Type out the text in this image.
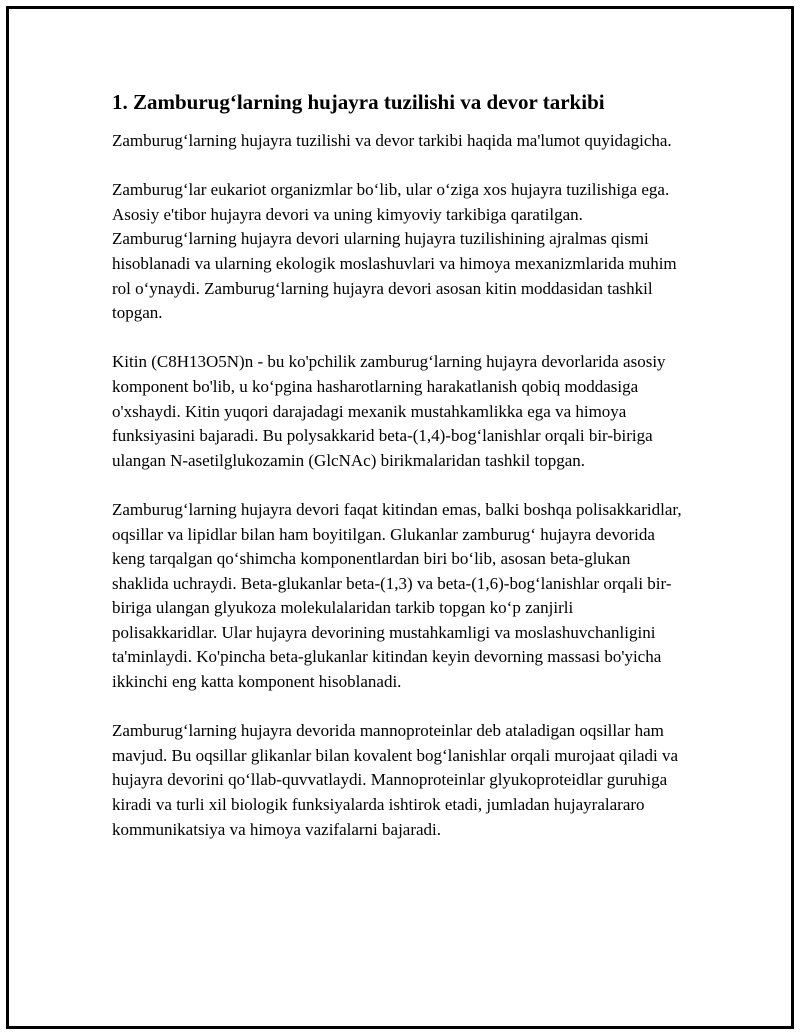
1. Zamburug‘larning hujayra tuzilishi va devor tarkibi

Zamburug‘larning hujayra tuzilishi va devor tarkibi haqida ma'lumot quyidagicha.

Zamburug‘lar eukariot organizmlar bo‘lib, ular o‘ziga xos hujayra tuzilishiga ega. Asosiy e'tibor hujayra devori va uning kimyoviy tarkibiga qaratilgan. Zamburug‘larning hujayra devori ularning hujayra tuzilishining ajralmas qismi hisoblanadi va ularning ekologik moslashuvlari va himoya mexanizmlarida muhim rol o‘ynaydi. Zamburug‘larning hujayra devori asosan kitin moddasidan tashkil topgan.

Kitin (C8H13O5N)n - bu ko'pchilik zamburug‘larning hujayra devorlarida asosiy komponent bo'lib, u ko‘pgina hasharotlarning harakatlanish qobiq moddasiga o'xshaydi. Kitin yuqori darajadagi mexanik mustahkamlikka ega va himoya funksiyasini bajaradi. Bu polysakkarid beta-(1,4)-bog‘lanishlar orqali bir-biriga ulangan N-asetilglukozamin (GlcNAc) birikmalaridan tashkil topgan.

Zamburug‘larning hujayra devori faqat kitindan emas, balki boshqa polisakkaridlar, oqsillar va lipidlar bilan ham boyitilgan. Glukanlar zamburug‘ hujayra devorida keng tarqalgan qo‘shimcha komponentlardan biri bo‘lib, asosan beta-glukan shaklida uchraydi. Beta-glukanlar beta-(1,3) va beta-(1,6)-bog‘lanishlar orqali bir-biriga ulangan glyukoza molekulalaridan tarkib topgan ko‘p zanjirli polisakkaridlar. Ular hujayra devorining mustahkamligi va moslashuvchanligini ta'minlaydi. Ko'pincha beta-glukanlar kitindan keyin devorning massasi bo'yicha ikkinchi eng katta komponent hisoblanadi.

Zamburug‘larning hujayra devorida mannoproteinlar deb ataladigan oqsillar ham mavjud. Bu oqsillar glikanlar bilan kovalent bog‘lanishlar orqali murojaat qiladi va hujayra devorini qo‘llab-quvvatlaydi. Mannoproteinlar glyukoproteidlar guruhiga kiradi va turli xil biologik funksiyalarda ishtirok etadi, jumladan hujayralararo kommunikatsiya va himoya vazifalarni bajaradi.
